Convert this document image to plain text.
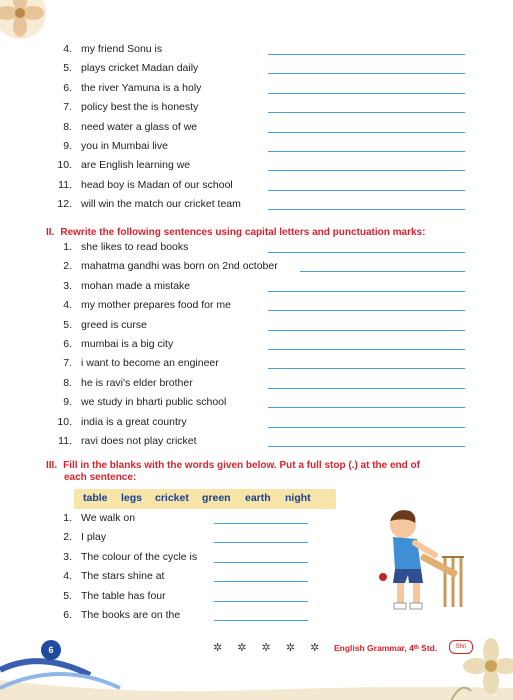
4. my friend Sonu is
5. plays cricket Madan daily
6. the river Yamuna is a holy
7. policy best the is honesty
8. need water a glass of we
9. you in Mumbai live
10. are English learning we
11. head boy is Madan of our school
12. will win the match our cricket team
II. Rewrite the following sentences using capital letters and punctuation marks:
1. she likes to read books
2. mahatma gandhi was born on 2nd october
3. mohan made a mistake
4. my mother prepares food for me
5. greed is curse
6. mumbai is a big city
7. i want to become an engineer
8. he is ravi's elder brother
9. we study in bharti public school
10. india is a great country
11. ravi does not play cricket
III. Fill in the blanks with the words given below. Put a full stop (.) at the end of
each sentence:
table legs cricket green earth night
1. We walk on
2. I play
3. The colour of the cycle is
4. The stars shine at
5. The table has four
6. The books are on the
6	✲ ✲ ✲ ✲ ✲ English Grammar, 4ᵗʰ Std.	Shri
